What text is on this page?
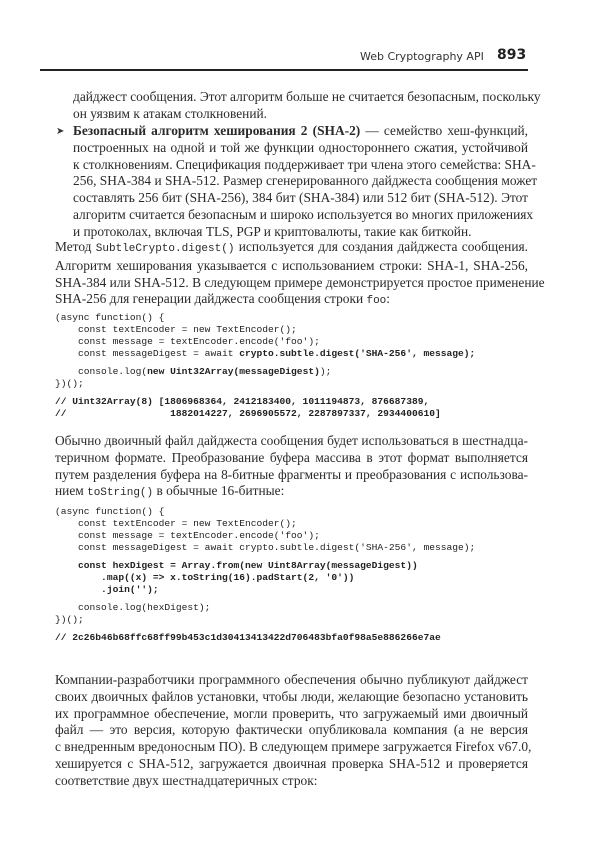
Web Cryptography API 893
дайджест сообщения. Этот алгоритм больше не считается безопасным, поскольку
он уязвим к атакам столкновений.
➤ Безопасный алгоритм хеширования 2 (SHA-2) — семейство хеш-функций,
построенных на одной и той же функции одностороннего сжатия, устойчивой
к столкновениям. Спецификация поддерживает три члена этого семейства: SHA-
256, SHA-384 и SHA-512. Размер сгенерированного дайджеста сообщения может
составлять 256 бит (SHA-256), 384 бит (SHA-384) или 512 бит (SHA-512). Этот
алгоритм считается безопасным и широко используется во многих приложениях
и протоколах, включая TLS, PGP и криптовалюты, такие как биткойн.
Метод SubtleCrypto.digest() используется для создания дайджеста сообщения.
Алгоритм хеширования указывается с использованием строки: SHA-1, SHA-256,
SHA-384 или SHA-512. В следующем примере демонстрируется простое применение
SHA-256 для генерации дайджеста сообщения строки foo:
(async function() {
const textEncoder = new TextEncoder();
const message = textEncoder.encode('foo');
const messageDigest = await crypto.subtle.digest('SHA-256', message);
console.log(new Uint32Array(messageDigest));
})();
// Uint32Array(8) [1806968364, 2412183400, 1011194873, 876687389,
//                  1882014227, 2696905572, 2287897337, 2934400610]
Обычно двоичный файл дайджеста сообщения будет использоваться в шестнадца-
теричном формате. Преобразование буфера массива в этот формат выполняется
путем разделения буфера на 8-битные фрагменты и преобразования с использова-
нием toString() в обычные 16-битные:
(async function() {
const textEncoder = new TextEncoder();
const message = textEncoder.encode('foo');
const messageDigest = await crypto.subtle.digest('SHA-256', message);
const hexDigest = Array.from(new Uint8Array(messageDigest))
.map((x) => x.toString(16).padStart(2, '0'))
.join('');
console.log(hexDigest);
})();
// 2c26b46b68ffc68ff99b453c1d30413413422d706483bfa0f98a5e886266e7ae
Компании-разработчики программного обеспечения обычно публикуют дайджест
своих двоичных файлов установки, чтобы люди, желающие безопасно установить
их программное обеспечение, могли проверить, что загружаемый ими двоичный
файл — это версия, которую фактически опубликовала компания (а не версия
с внедренным вредоносным ПО). В следующем примере загружается Firefox v67.0,
хешируется с SHA-512, загружается двоичная проверка SHA-512 и проверяется
соответствие двух шестнадцатеричных строк:
